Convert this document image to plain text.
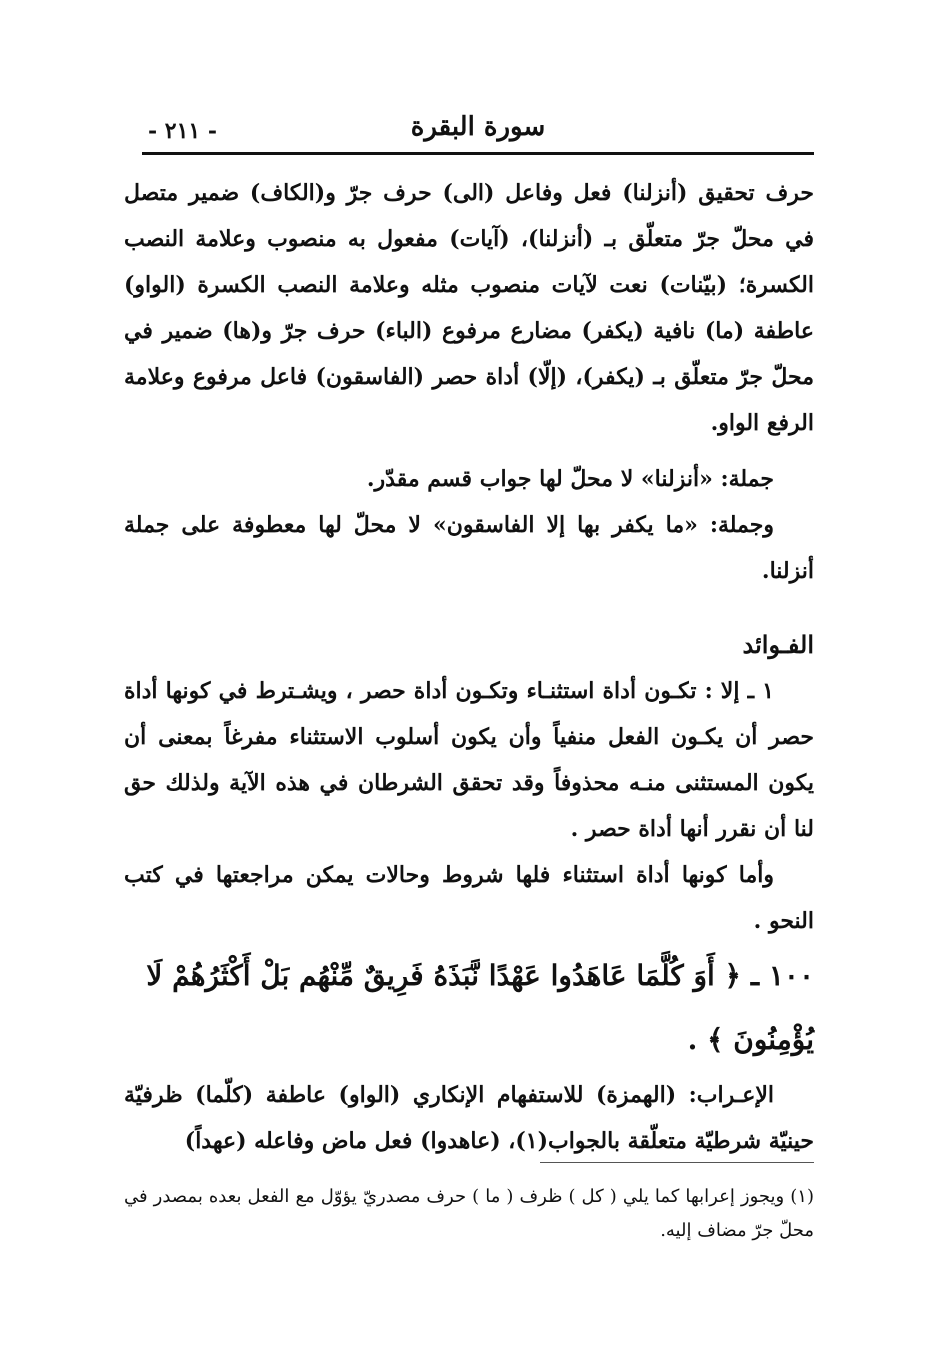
سورة البقرة
- ٢١١ -

حرف تحقيق (أنزلنا) فعل وفاعل (الى) حرف جرّ و(الكاف) ضمير متصل في محلّ جرّ متعلّق بـ (أنزلنا)، (آيات) مفعول به منصوب وعلامة النصب الكسرة؛ (بيّنات) نعت لآيات منصوب مثله وعلامة النصب الكسرة (الواو) عاطفة (ما) نافية (يكفر) مضارع مرفوع (الباء) حرف جرّ و(ها) ضمير في محلّ جرّ متعلّق بـ (يكفر)، (إلّا) أداة حصر (الفاسقون) فاعل مرفوع وعلامة الرفع الواو.

جملة: «أنزلنا» لا محلّ لها جواب قسم مقدّر.

وجملة: «ما يكفر بها إلا الفاسقون» لا محلّ لها معطوفة على جملة أنزلنا.

الفـوائد

١ ـ إلا : تكـون أداة استثنـاء وتكـون أداة حصر ، ويشـترط في كونها أداة حصر أن يكـون الفعل منفياً وأن يكون أسلوب الاستثناء مفرغاً بمعنى أن يكون المستثنى منـه محذوفاً وقد تحقق الشرطان في هذه الآية ولذلك حق لنا أن نقرر أنها أداة حصر .

وأما كونها أداة استثناء فلها شروط وحالات يمكن مراجعتها في كتب النحو .

١٠٠ ـ﴿ أَوَ كُلَّمَا عَاهَدُوا عَهْدًا نَّبَذَهُ فَرِيقٌ مِّنْهُم بَلْ أَكْثَرُهُمْ لَا يُؤْمِنُونَ ﴾ .

الإعـراب: (الهمزة) للاستفهام الإنكاري (الواو) عاطفة (كلّما) ظرفيّة حينيّة شرطيّة متعلّقة بالجواب(١)، (عاهدوا) فعل ماض وفاعله (عهداً)

(١) ويجوز إعرابها كما يلي ( كل ) ظرف ( ما ) حرف مصدريّ يؤوّل مع الفعل بعده بمصدر في محلّ جرّ مضاف إليه.
